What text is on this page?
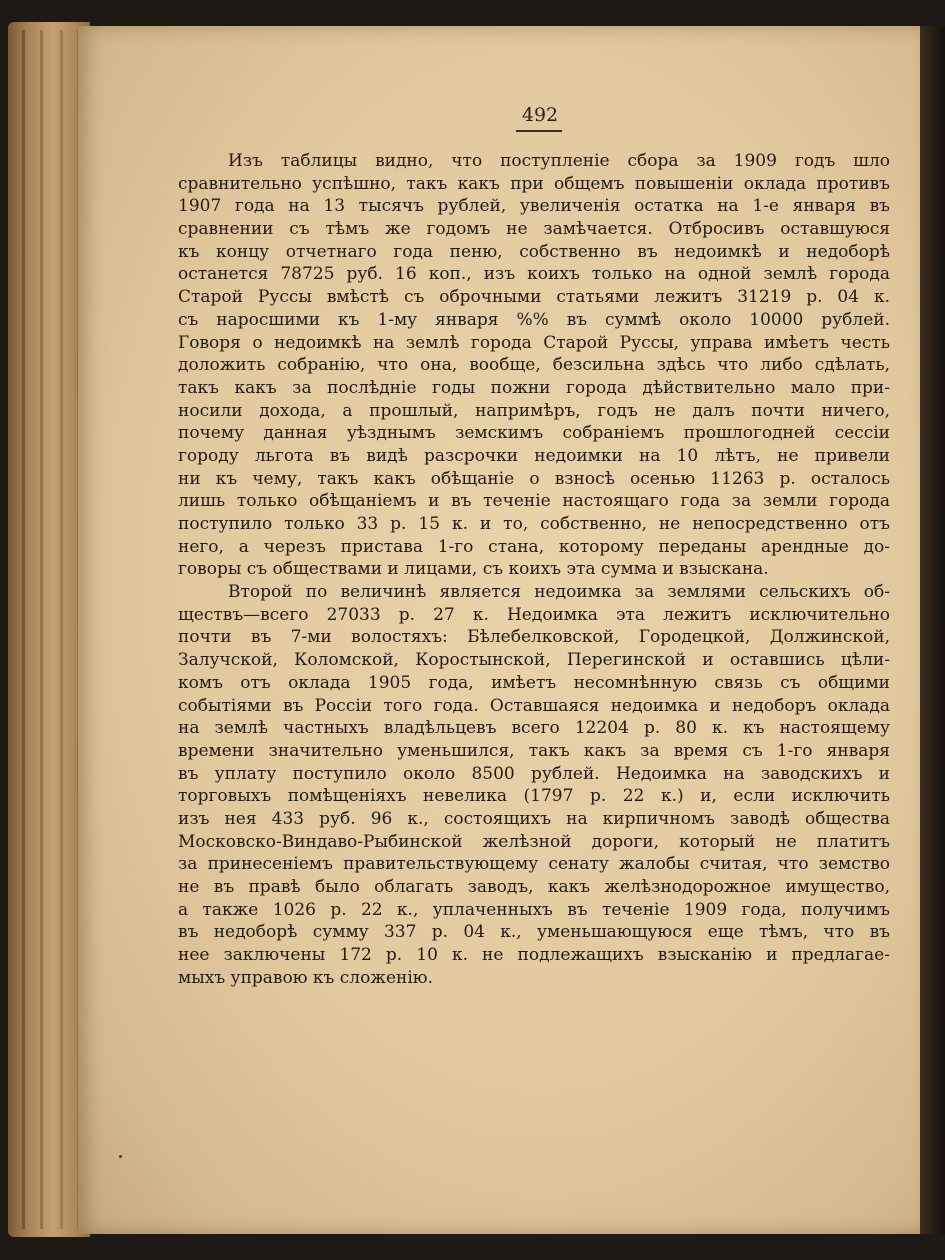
492
Изъ таблицы видно, что поступленіе сбора за 1909 годъ шло
сравнительно успѣшно, такъ какъ при общемъ повышеніи оклада противъ
1907 года на 13 тысячъ рублей, увеличенія остатка на 1-е января въ
сравнении съ тѣмъ же годомъ не замѣчается. Отбросивъ оставшуюся
къ концу отчетнаго года пеню, собственно въ недоимкѣ и недоборѣ
останется 78725 руб. 16 коп., изъ коихъ только на одной землѣ города
Старой Руссы вмѣстѣ съ оброчными статьями лежитъ 31219 р. 04 к.
съ наросшими къ 1-му января %% въ суммѣ около 10000 рублей.
Говоря о недоимкѣ на землѣ города Старой Руссы, управа имѣетъ честь
доложить собранію, что она, вообще, безсильна здѣсь что либо сдѣлать,
такъ какъ за послѣдніе годы пожни города дѣйствительно мало при-
носили дохода, а прошлый, напримѣръ, годъ не далъ почти ничего,
почему данная уѣзднымъ земскимъ собраніемъ прошлогодней сессіи
городу льгота въ видѣ разсрочки недоимки на 10 лѣтъ, не привели
ни къ чему, такъ какъ обѣщаніе о взносѣ осенью 11263 р. осталось
лишь только обѣщаніемъ и въ теченіе настоящаго года за земли города
поступило только 33 р. 15 к. и то, собственно, не непосредственно отъ
него, а черезъ пристава 1-го стана, которому переданы арендные до-
говоры съ обществами и лицами, съ коихъ эта сумма и взыскана.
Второй по величинѣ является недоимка за землями сельскихъ об-
ществъ—всего 27033 р. 27 к. Недоимка эта лежитъ исключительно
почти въ 7-ми волостяхъ: Бѣлебелковской, Городецкой, Должинской,
Залучской, Коломской, Коростынской, Перегинской и оставшись цѣли-
комъ отъ оклада 1905 года, имѣетъ несомнѣнную связь съ общими
событіями въ Россіи того года. Оставшаяся недоимка и недоборъ оклада
на землѣ частныхъ владѣльцевъ всего 12204 р. 80 к. къ настоящему
времени значительно уменьшился, такъ какъ за время съ 1-го января
въ уплату поступило около 8500 рублей. Недоимка на заводскихъ и
торговыхъ помѣщеніяхъ невелика (1797 р. 22 к.) и, если исключить
изъ нея 433 руб. 96 к., состоящихъ на кирпичномъ заводѣ общества
Московско-Виндаво-Рыбинской желѣзной дороги, который не платитъ
за принесеніемъ правительствующему сенату жалобы считая, что земство
не въ правѣ было облагать заводъ, какъ желѣзнодорожное имущество,
а также 1026 р. 22 к., уплаченныхъ въ теченіе 1909 года, получимъ
въ недоборѣ сумму 337 р. 04 к., уменьшающуюся еще тѣмъ, что въ
нее заключены 172 р. 10 к. не подлежащихъ взысканію и предлагае-
мыхъ управою къ сложенію.
